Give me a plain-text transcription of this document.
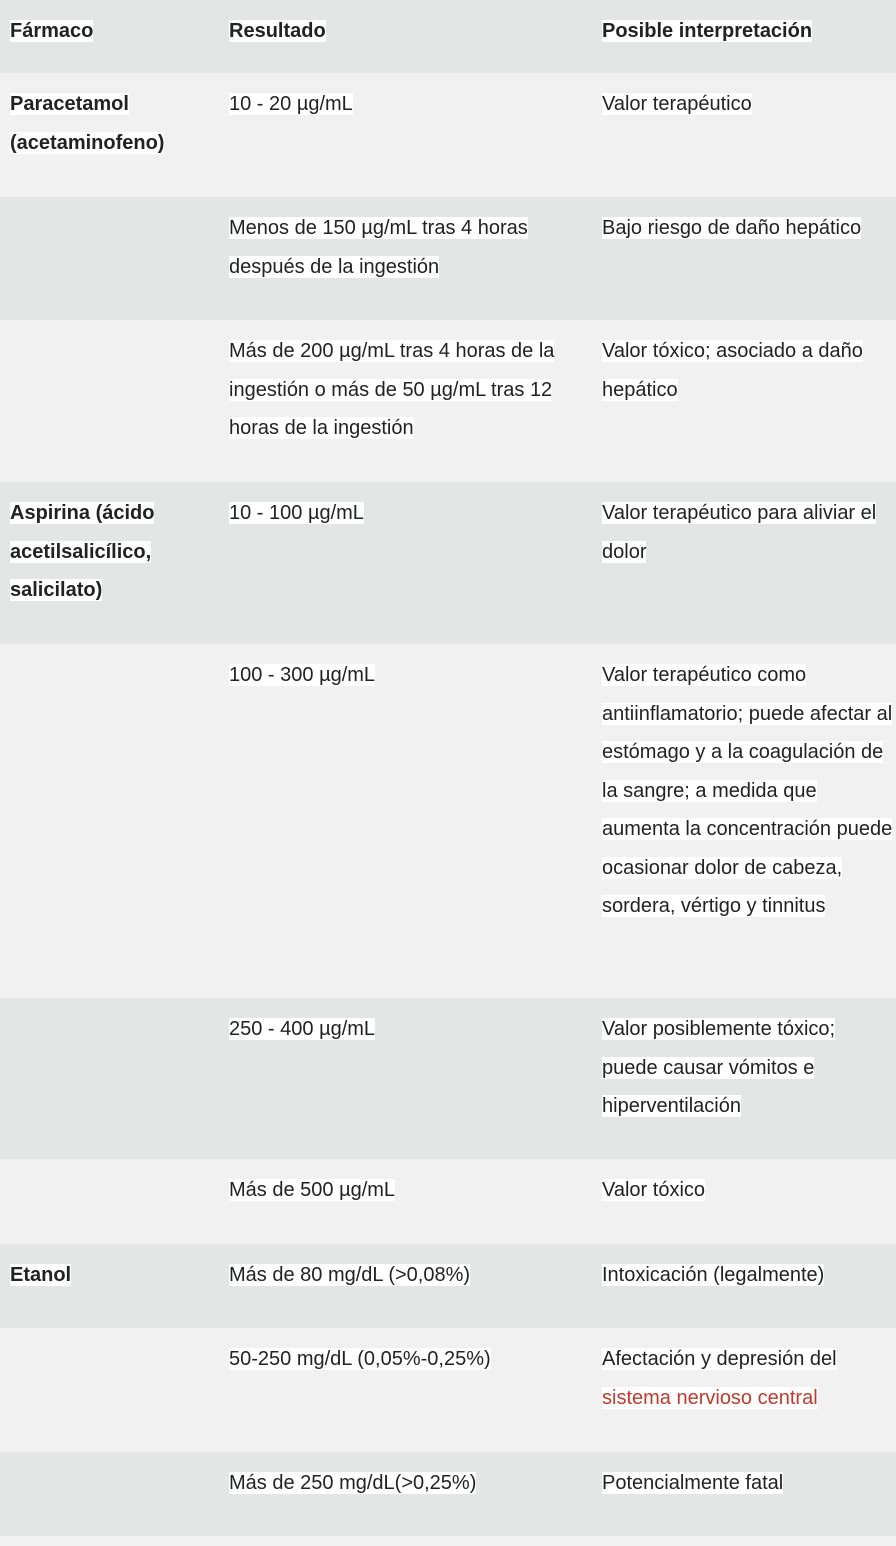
Fármaco	Resultado	Posible interpretación
Paracetamol (acetaminofeno)	10 - 20 µg/mL	Valor terapéutico
	Menos de 150 µg/mL tras 4 horas después de la ingestión	Bajo riesgo de daño hepático
	Más de 200 µg/mL tras 4 horas de la ingestión o más de 50 µg/mL tras 12 horas de la ingestión	Valor tóxico; asociado a daño hepático
Aspirina (ácido acetilsalicílico, salicilato)	10 - 100 µg/mL	Valor terapéutico para aliviar el dolor
	100 - 300 µg/mL	Valor terapéutico como antiinflamatorio; puede afectar al estómago y a la coagulación de la sangre; a medida que aumenta la concentración puede ocasionar dolor de cabeza, sordera, vértigo y tinnitus
	250 - 400 µg/mL	Valor posiblemente tóxico; puede causar vómitos e hiperventilación
	Más de 500 µg/mL	Valor tóxico
Etanol	Más de 80 mg/dL (>0,08%)	Intoxicación (legalmente)
	50-250 mg/dL (0,05%-0,25%)	Afectación y depresión del sistema nervioso central
	Más de 250 mg/dL(>0,25%)	Potencialmente fatal
